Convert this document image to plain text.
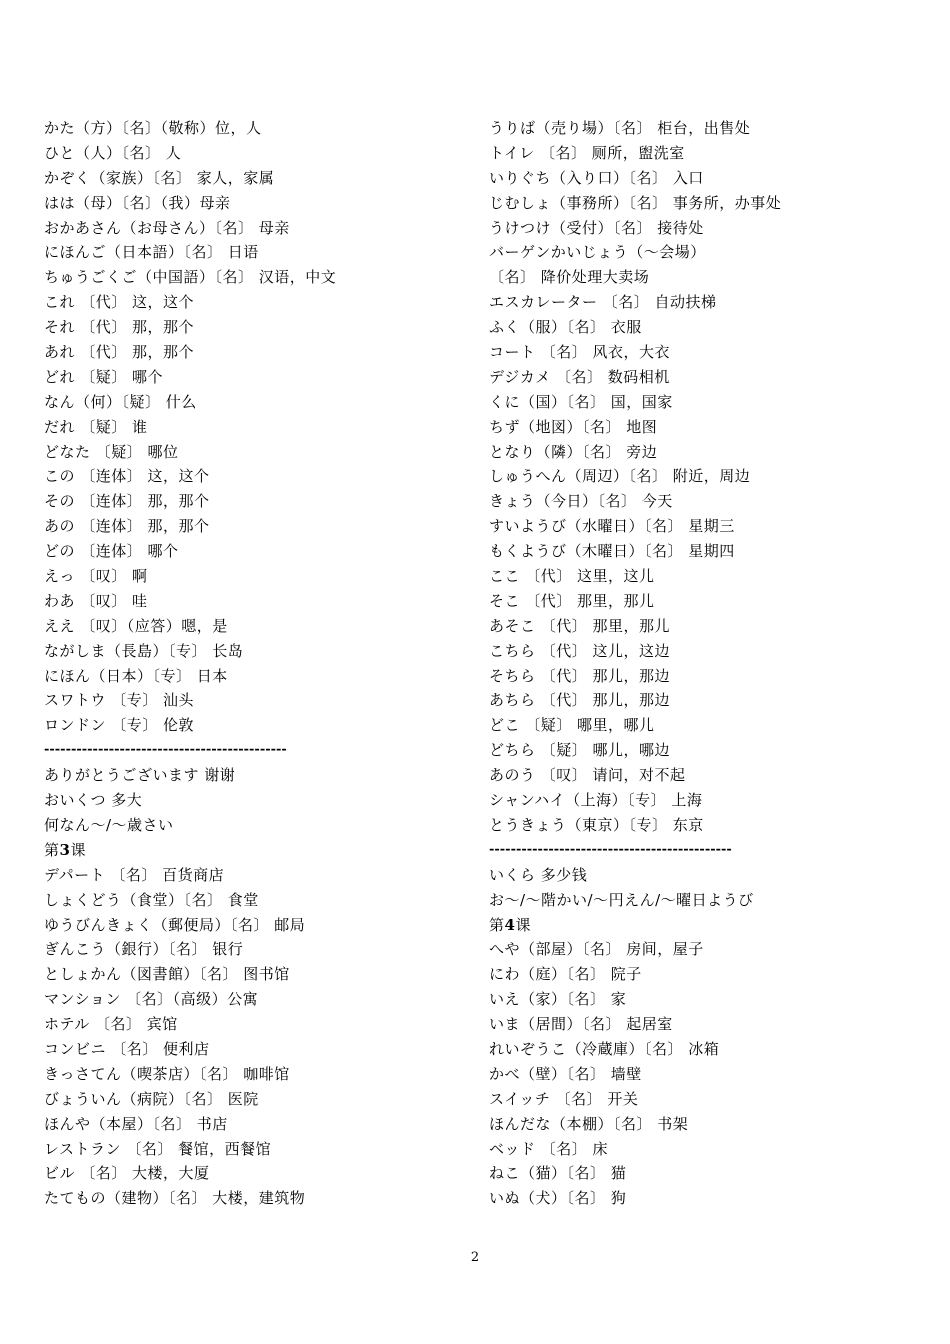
かた（方）〔名〕（敬称）位，人
ひと（人）〔名〕 人
かぞく（家族）〔名〕 家人，家属
はは（母）〔名〕（我）母亲
おかあさん（お母さん）〔名〕 母亲
にほんご（日本語）〔名〕 日语
ちゅうごくご（中国語）〔名〕 汉语，中文
これ 〔代〕 这，这个
それ 〔代〕 那，那个
あれ 〔代〕 那，那个
どれ 〔疑〕 哪个
なん（何）〔疑〕 什么
だれ 〔疑〕 谁
どなた 〔疑〕 哪位
この 〔连体〕 这，这个
その 〔连体〕 那，那个
あの 〔连体〕 那，那个
どの 〔连体〕 哪个
えっ 〔叹〕 啊
わあ 〔叹〕 哇
ええ 〔叹〕（应答）嗯，是
ながしま（長島）〔专〕 长岛
にほん（日本）〔专〕 日本
スワトウ 〔专〕 汕头
ロンドン 〔专〕 伦敦
---------------------------------------------
ありがとうございます 谢谢
おいくつ 多大
何なん～/～歳さい
第3课
デパート 〔名〕 百货商店
しょくどう（食堂）〔名〕 食堂
ゆうびんきょく（郵便局）〔名〕 邮局
ぎんこう（銀行）〔名〕 银行
としょかん（図書館）〔名〕 图书馆
マンション 〔名〕（高级）公寓
ホテル 〔名〕 宾馆
コンビニ 〔名〕 便利店
きっさてん（喫茶店）〔名〕 咖啡馆
びょういん（病院）〔名〕 医院
ほんや（本屋）〔名〕 书店
レストラン 〔名〕 餐馆，西餐馆
ビル 〔名〕 大楼，大厦
たてもの（建物）〔名〕 大楼，建筑物
うりば（売り場）〔名〕 柜台，出售处
トイレ 〔名〕 厕所，盥洗室
いりぐち（入り口）〔名〕 入口
じむしょ（事務所）〔名〕 事务所，办事处
うけつけ（受付）〔名〕 接待处
バーゲンかいじょう（～会場）
〔名〕 降价处理大卖场
エスカレーター 〔名〕 自动扶梯
ふく（服）〔名〕 衣服
コート 〔名〕 风衣，大衣
デジカメ 〔名〕 数码相机
くに（国）〔名〕 国，国家
ちず（地図）〔名〕 地图
となり（隣）〔名〕 旁边
しゅうへん（周辺）〔名〕 附近，周边
きょう（今日）〔名〕 今天
すいようび（水曜日）〔名〕 星期三
もくようび（木曜日）〔名〕 星期四
ここ 〔代〕 这里，这儿
そこ 〔代〕 那里，那儿
あそこ 〔代〕 那里，那儿
こちら 〔代〕 这儿，这边
そちら 〔代〕 那儿，那边
あちら 〔代〕 那儿，那边
どこ 〔疑〕 哪里，哪儿
どちら 〔疑〕 哪儿，哪边
あのう 〔叹〕 请问，对不起
シャンハイ（上海）〔专〕 上海
とうきょう（東京）〔专〕 东京
---------------------------------------------
いくら 多少钱
お～/～階かい/～円えん/～曜日ようび
第4课
へや（部屋）〔名〕 房间，屋子
にわ（庭）〔名〕 院子
いえ（家）〔名〕 家
いま（居間）〔名〕 起居室
れいぞうこ（冷蔵庫）〔名〕 冰箱
かべ（壁）〔名〕 墙壁
スイッチ 〔名〕 开关
ほんだな（本棚）〔名〕 书架
ベッド 〔名〕 床
ねこ（猫）〔名〕 猫
いぬ（犬）〔名〕 狗
2
